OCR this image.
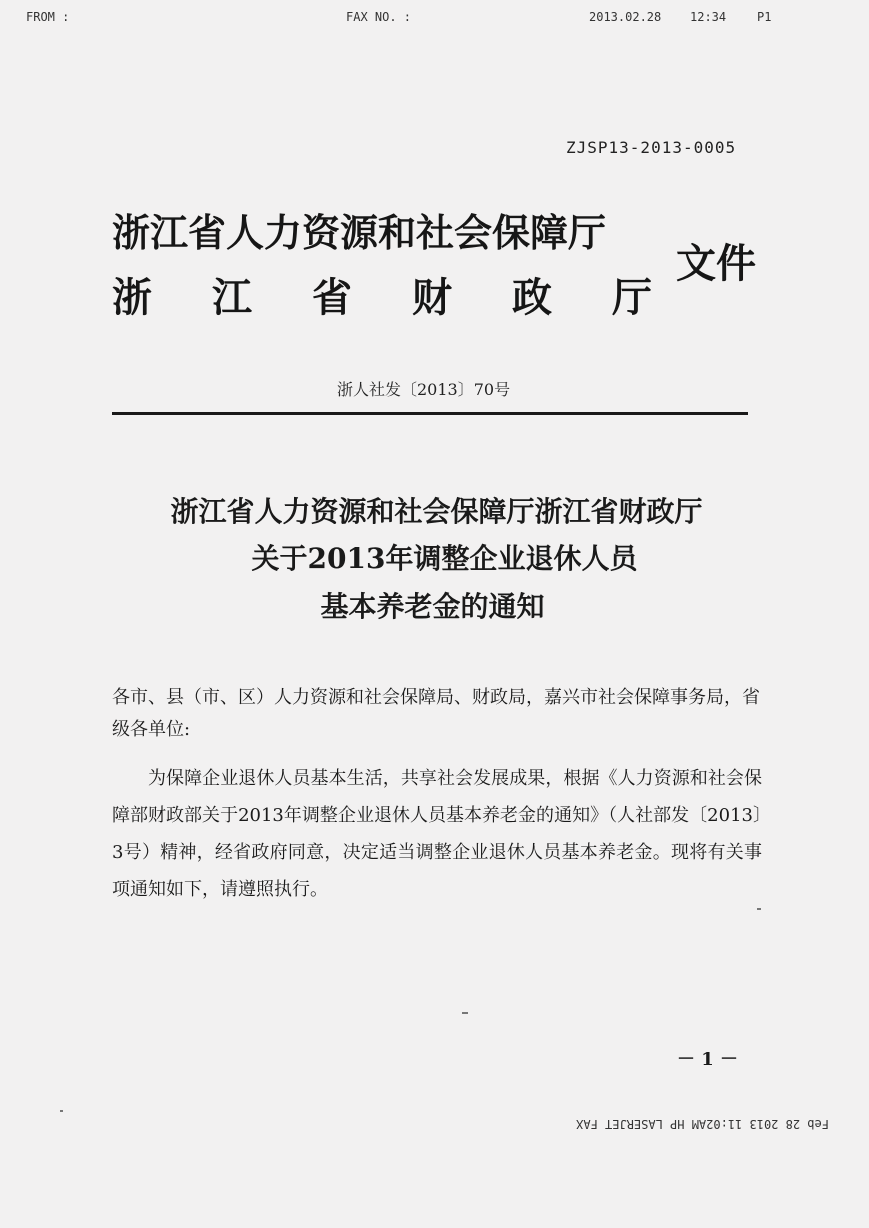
FROM :	FAX NO. :	2013.02.28 12:34	P1
ZJSP13-2013-0005
浙江省人力资源和社会保障厅
浙 江 省 财 政 厅
文件
浙人社发〔2013〕70号
浙江省人力资源和社会保障厅浙江省财政厅
关于2013年调整企业退休人员
基本养老金的通知
各市、县（市、区）人力资源和社会保障局、财政局，嘉兴市社会保障事务局，省级各单位:
为保障企业退休人员基本生活，共享社会发展成果，根据《人力资源和社会保障部财政部关于2013年调整企业退休人员基本养老金的通知》（人社部发〔2013〕3号）精神，经省政府同意，决定适当调整企业退休人员基本养老金。现将有关事项通知如下，请遵照执行。
－ 1 －
Feb 28 2013 11:02AM HP LASERJET FAX
